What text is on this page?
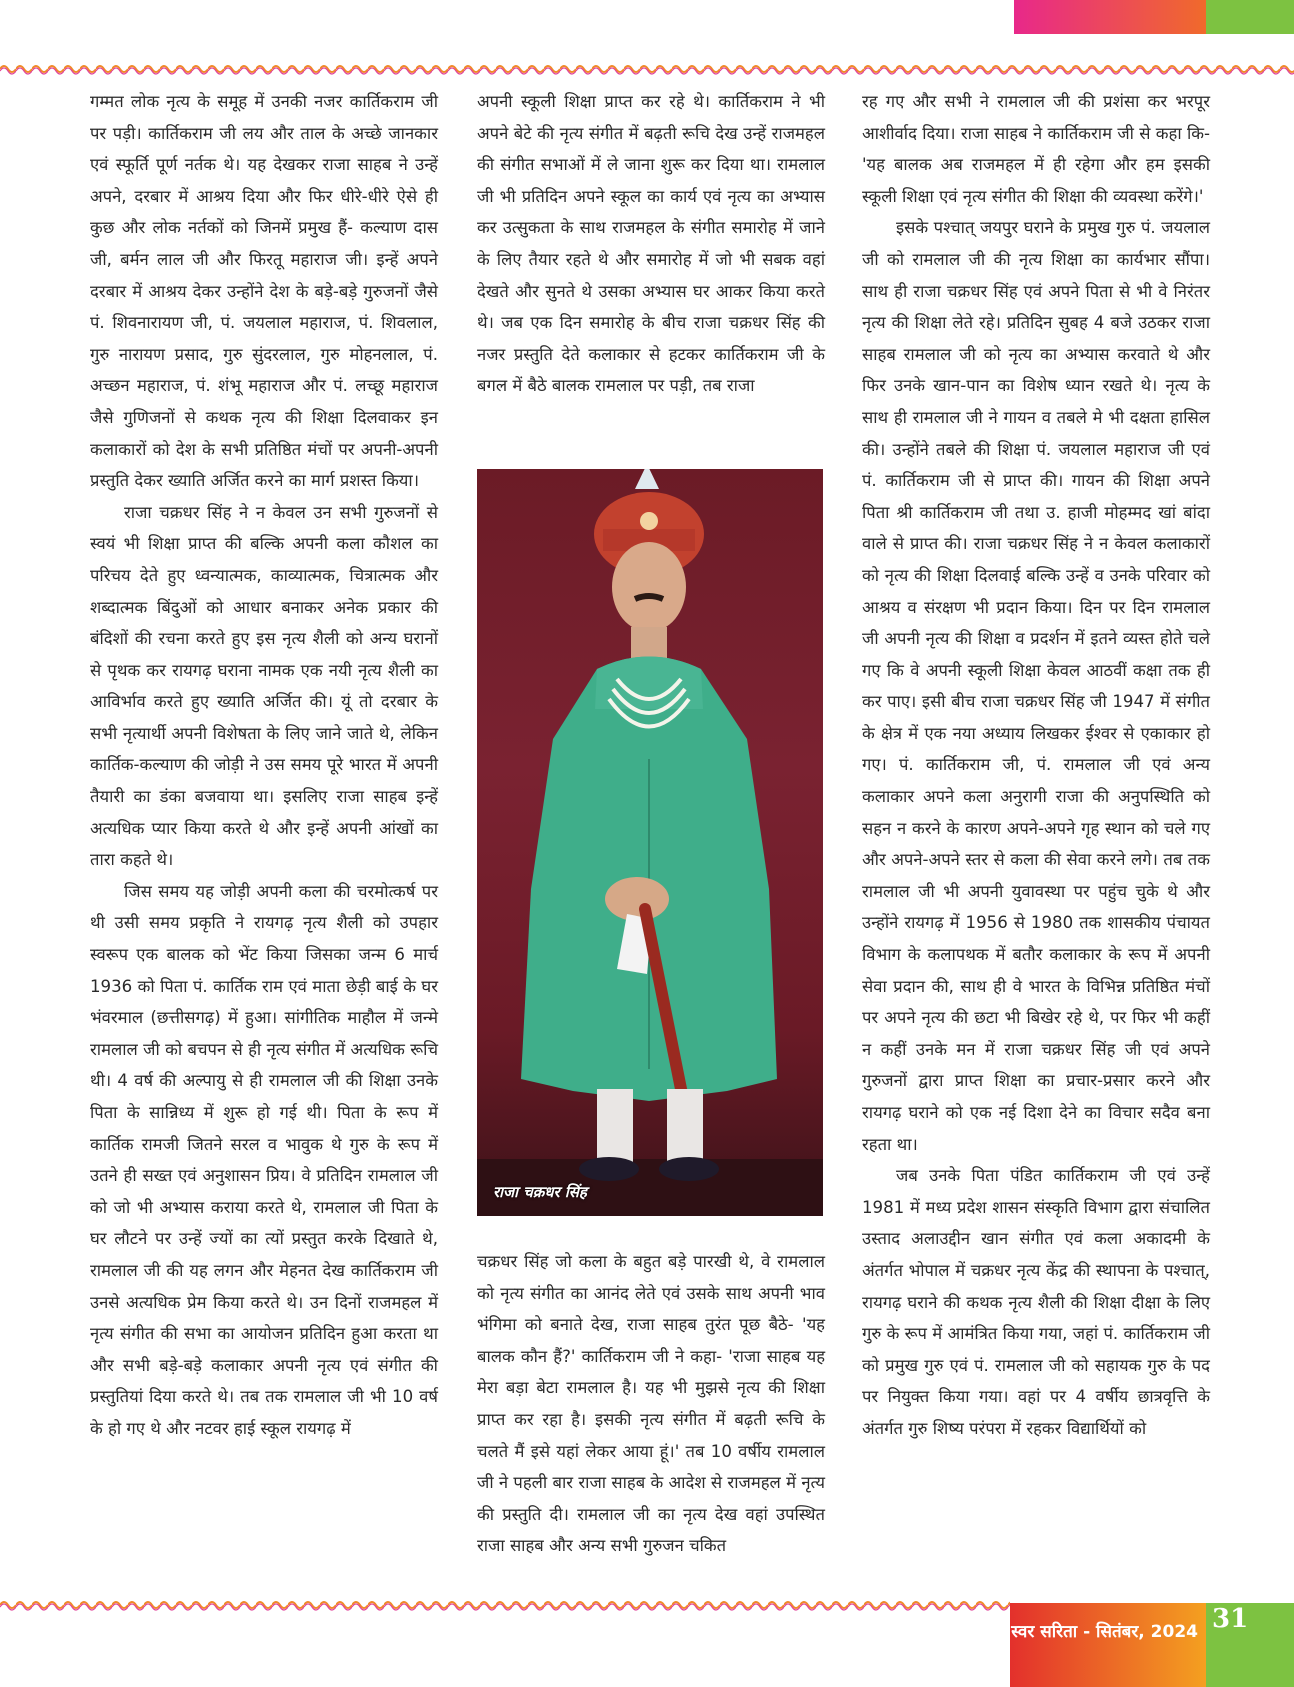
गम्मत लोक नृत्य के समूह में उनकी नजर कार्तिकराम जी पर पड़ी। कार्तिकराम जी लय और ताल के अच्छे जानकार एवं स्फूर्ति पूर्ण नर्तक थे। यह देखकर राजा साहब ने उन्हें अपने, दरबार में आश्रय दिया और फिर धीरे-धीरे ऐसे ही कुछ और लोक नर्तकों को जिनमें प्रमुख हैं- कल्याण दास जी, बर्मन लाल जी और फिरतू महाराज जी। इन्हें अपने दरबार में आश्रय देकर उन्होंने देश के बड़े-बड़े गुरुजनों जैसे पं. शिवनारायण जी, पं. जयलाल महाराज, पं. शिवलाल, गुरु नारायण प्रसाद, गुरु सुंदरलाल, गुरु मोहनलाल, पं. अच्छन महाराज, पं. शंभू महाराज और पं. लच्छू महाराज जैसे गुणिजनों से कथक नृत्य की शिक्षा दिलवाकर इन कलाकारों को देश के सभी प्रतिष्ठित मंचों पर अपनी-अपनी प्रस्तुति देकर ख्याति अर्जित करने का मार्ग प्रशस्त किया।

राजा चक्रधर सिंह ने न केवल उन सभी गुरुजनों से स्वयं भी शिक्षा प्राप्त की बल्कि अपनी कला कौशल का परिचय देते हुए ध्वन्यात्मक, काव्यात्मक, चित्रात्मक और शब्दात्मक बिंदुओं को आधार बनाकर अनेक प्रकार की बंदिशों की रचना करते हुए इस नृत्य शैली को अन्य घरानों से पृथक कर रायगढ़ घराना नामक एक नयी नृत्य शैली का आविर्भाव करते हुए ख्याति अर्जित की। यूं तो दरबार के सभी नृत्यार्थी अपनी विशेषता के लिए जाने जाते थे, लेकिन कार्तिक-कल्याण की जोड़ी ने उस समय पूरे भारत में अपनी तैयारी का डंका बजवाया था। इसलिए राजा साहब इन्हें अत्यधिक प्यार किया करते थे और इन्हें अपनी आंखों का तारा कहते थे।

जिस समय यह जोड़ी अपनी कला की चरमोत्कर्ष पर थी उसी समय प्रकृति ने रायगढ़ नृत्य शैली को उपहार स्वरूप एक बालक को भेंट किया जिसका जन्म 6 मार्च 1936 को पिता पं. कार्तिक राम एवं माता छेड़ी बाई के घर भंवरमाल (छत्तीसगढ़) में हुआ। सांगीतिक माहौल में जन्मे रामलाल जी को बचपन से ही नृत्य संगीत में अत्यधिक रूचि थी। 4 वर्ष की अल्पायु से ही रामलाल जी की शिक्षा उनके पिता के सान्निध्य में शुरू हो गई थी। पिता के रूप में कार्तिक रामजी जितने सरल व भावुक थे गुरु के रूप में उतने ही सख्त एवं अनुशासन प्रिय। वे प्रतिदिन रामलाल जी को जो भी अभ्यास कराया करते थे, रामलाल जी पिता के घर लौटने पर उन्हें ज्यों का त्यों प्रस्तुत करके दिखाते थे, रामलाल जी की यह लगन और मेहनत देख कार्तिकराम जी उनसे अत्यधिक प्रेम किया करते थे। उन दिनों राजमहल में नृत्य संगीत की सभा का आयोजन प्रतिदिन हुआ करता था और सभी बड़े-बड़े कलाकार अपनी नृत्य एवं संगीत की प्रस्तुतियां दिया करते थे। तब तक रामलाल जी भी 10 वर्ष के हो गए थे और नटवर हाई स्कूल रायगढ़ में

अपनी स्कूली शिक्षा प्राप्त कर रहे थे। कार्तिकराम ने भी अपने बेटे की नृत्य संगीत में बढ़ती रूचि देख उन्हें राजमहल की संगीत सभाओं में ले जाना शुरू कर दिया था। रामलाल जी भी प्रतिदिन अपने स्कूल का कार्य एवं नृत्य का अभ्यास कर उत्सुकता के साथ राजमहल के संगीत समारोह में जाने के लिए तैयार रहते थे और समारोह में जो भी सबक वहां देखते और सुनते थे उसका अभ्यास घर आकर किया करते थे। जब एक दिन समारोह के बीच राजा चक्रधर सिंह की नजर प्रस्तुति देते कलाकार से हटकर कार्तिकराम जी के बगल में बैठे बालक रामलाल पर पड़ी, तब राजा

राजा चक्रधर सिंह

चक्रधर सिंह जो कला के बहुत बड़े पारखी थे, वे रामलाल को नृत्य संगीत का आनंद लेते एवं उसके साथ अपनी भाव भंगिमा को बनाते देख, राजा साहब तुरंत पूछ बैठे- 'यह बालक कौन हैं?' कार्तिकराम जी ने कहा- 'राजा साहब यह मेरा बड़ा बेटा रामलाल है। यह भी मुझसे नृत्य की शिक्षा प्राप्त कर रहा है। इसकी नृत्य संगीत में बढ़ती रूचि के चलते मैं इसे यहां लेकर आया हूं।' तब 10 वर्षीय रामलाल जी ने पहली बार राजा साहब के आदेश से राजमहल में नृत्य की प्रस्तुति दी। रामलाल जी का नृत्य देख वहां उपस्थित राजा साहब और अन्य सभी गुरुजन चकित

रह गए और सभी ने रामलाल जी की प्रशंसा कर भरपूर आशीर्वाद दिया। राजा साहब ने कार्तिकराम जी से कहा कि- 'यह बालक अब राजमहल में ही रहेगा और हम इसकी स्कूली शिक्षा एवं नृत्य संगीत की शिक्षा की व्यवस्था करेंगे।'

इसके पश्चात् जयपुर घराने के प्रमुख गुरु पं. जयलाल जी को रामलाल जी की नृत्य शिक्षा का कार्यभार सौंपा। साथ ही राजा चक्रधर सिंह एवं अपने पिता से भी वे निरंतर नृत्य की शिक्षा लेते रहे। प्रतिदिन सुबह 4 बजे उठकर राजा साहब रामलाल जी को नृत्य का अभ्यास करवाते थे और फिर उनके खान-पान का विशेष ध्यान रखते थे। नृत्य के साथ ही रामलाल जी ने गायन व तबले मे भी दक्षता हासिल की। उन्होंने तबले की शिक्षा पं. जयलाल महाराज जी एवं पं. कार्तिकराम जी से प्राप्त की। गायन की शिक्षा अपने पिता श्री कार्तिकराम जी तथा उ. हाजी मोहम्मद खां बांदा वाले से प्राप्त की। राजा चक्रधर सिंह ने न केवल कलाकारों को नृत्य की शिक्षा दिलवाई बल्कि उन्हें व उनके परिवार को आश्रय व संरक्षण भी प्रदान किया। दिन पर दिन रामलाल जी अपनी नृत्य की शिक्षा व प्रदर्शन में इतने व्यस्त होते चले गए कि वे अपनी स्कूली शिक्षा केवल आठवीं कक्षा तक ही कर पाए। इसी बीच राजा चक्रधर सिंह जी 1947 में संगीत के क्षेत्र में एक नया अध्याय लिखकर ईश्वर से एकाकार हो गए। पं. कार्तिकराम जी, पं. रामलाल जी एवं अन्य कलाकार अपने कला अनुरागी राजा की अनुपस्थिति को सहन न करने के कारण अपने-अपने गृह स्थान को चले गए और अपने-अपने स्तर से कला की सेवा करने लगे। तब तक रामलाल जी भी अपनी युवावस्था पर पहुंच चुके थे और उन्होंने रायगढ़ में 1956 से 1980 तक शासकीय पंचायत विभाग के कलापथक में बतौर कलाकार के रूप में अपनी सेवा प्रदान की, साथ ही वे भारत के विभिन्न प्रतिष्ठित मंचों पर अपने नृत्य की छटा भी बिखेर रहे थे, पर फिर भी कहीं न कहीं उनके मन में राजा चक्रधर सिंह जी एवं अपने गुरुजनों द्वारा प्राप्त शिक्षा का प्रचार-प्रसार करने और रायगढ़ घराने को एक नई दिशा देने का विचार सदैव बना रहता था।

जब उनके पिता पंडित कार्तिकराम जी एवं उन्हें 1981 में मध्य प्रदेश शासन संस्कृति विभाग द्वारा संचालित उस्ताद अलाउद्दीन खान संगीत एवं कला अकादमी के अंतर्गत भोपाल में चक्रधर नृत्य केंद्र की स्थापना के पश्चात्, रायगढ़ घराने की कथक नृत्य शैली की शिक्षा दीक्षा के लिए गुरु के रूप में आमंत्रित किया गया, जहां पं. कार्तिकराम जी को प्रमुख गुरु एवं पं. रामलाल जी को सहायक गुरु के पद पर नियुक्त किया गया। वहां पर 4 वर्षीय छात्रवृत्ति के अंतर्गत गुरु शिष्य परंपरा में रहकर विद्यार्थियों को

स्वर सरिता - सितंबर, 2024 31
